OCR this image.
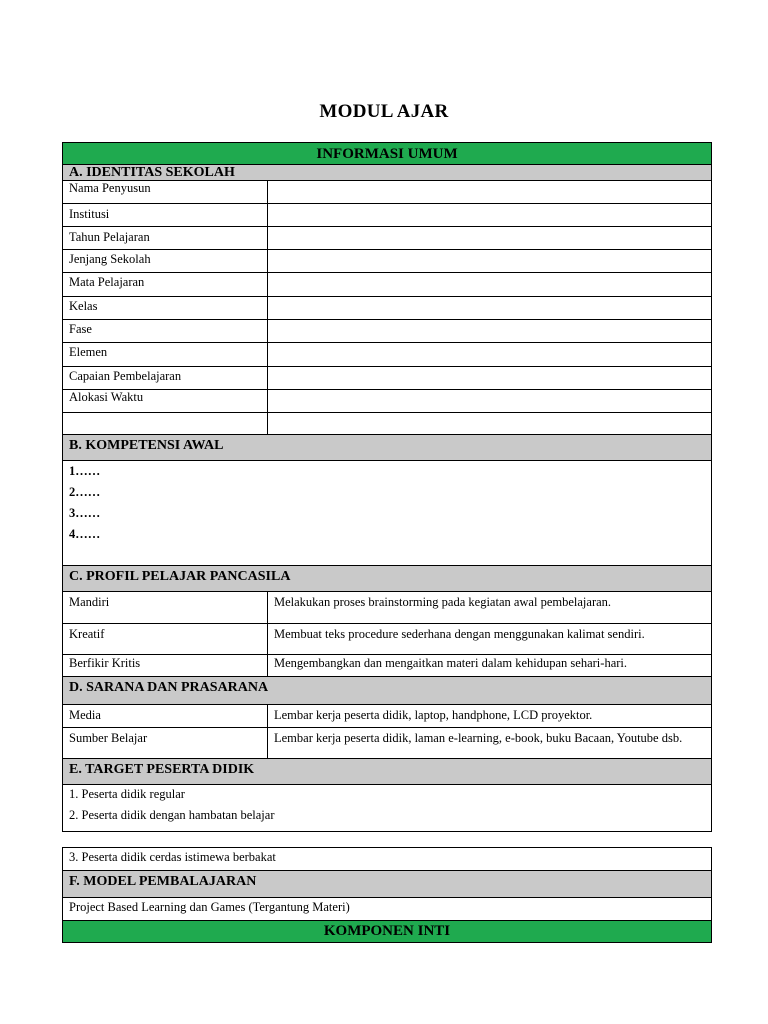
MODUL AJAR
INFORMASI UMUM
A. IDENTITAS SEKOLAH
Nama Penyusun
Institusi
Tahun Pelajaran
Jenjang Sekolah
Mata Pelajaran
Kelas
Fase
Elemen
Capaian Pembelajaran
Alokasi Waktu
B. KOMPETENSI AWAL
1……
2……
3……
4……
C. PROFIL PELAJAR PANCASILA
Mandiri	Melakukan proses brainstorming pada kegiatan awal pembelajaran.
Kreatif	Membuat teks procedure sederhana dengan menggunakan kalimat sendiri.
Berfikir Kritis	Mengembangkan dan mengaitkan materi dalam kehidupan sehari-hari.
D. SARANA DAN PRASARANA
Media	Lembar kerja peserta didik, laptop, handphone, LCD proyektor.
Sumber Belajar	Lembar kerja peserta didik, laman e-learning, e-book, buku Bacaan, Youtube dsb.
E. TARGET PESERTA DIDIK
1. Peserta didik regular
2. Peserta didik dengan hambatan belajar
3. Peserta didik cerdas istimewa berbakat
F. MODEL PEMBALAJARAN
Project Based Learning dan Games (Tergantung Materi)
KOMPONEN INTI
